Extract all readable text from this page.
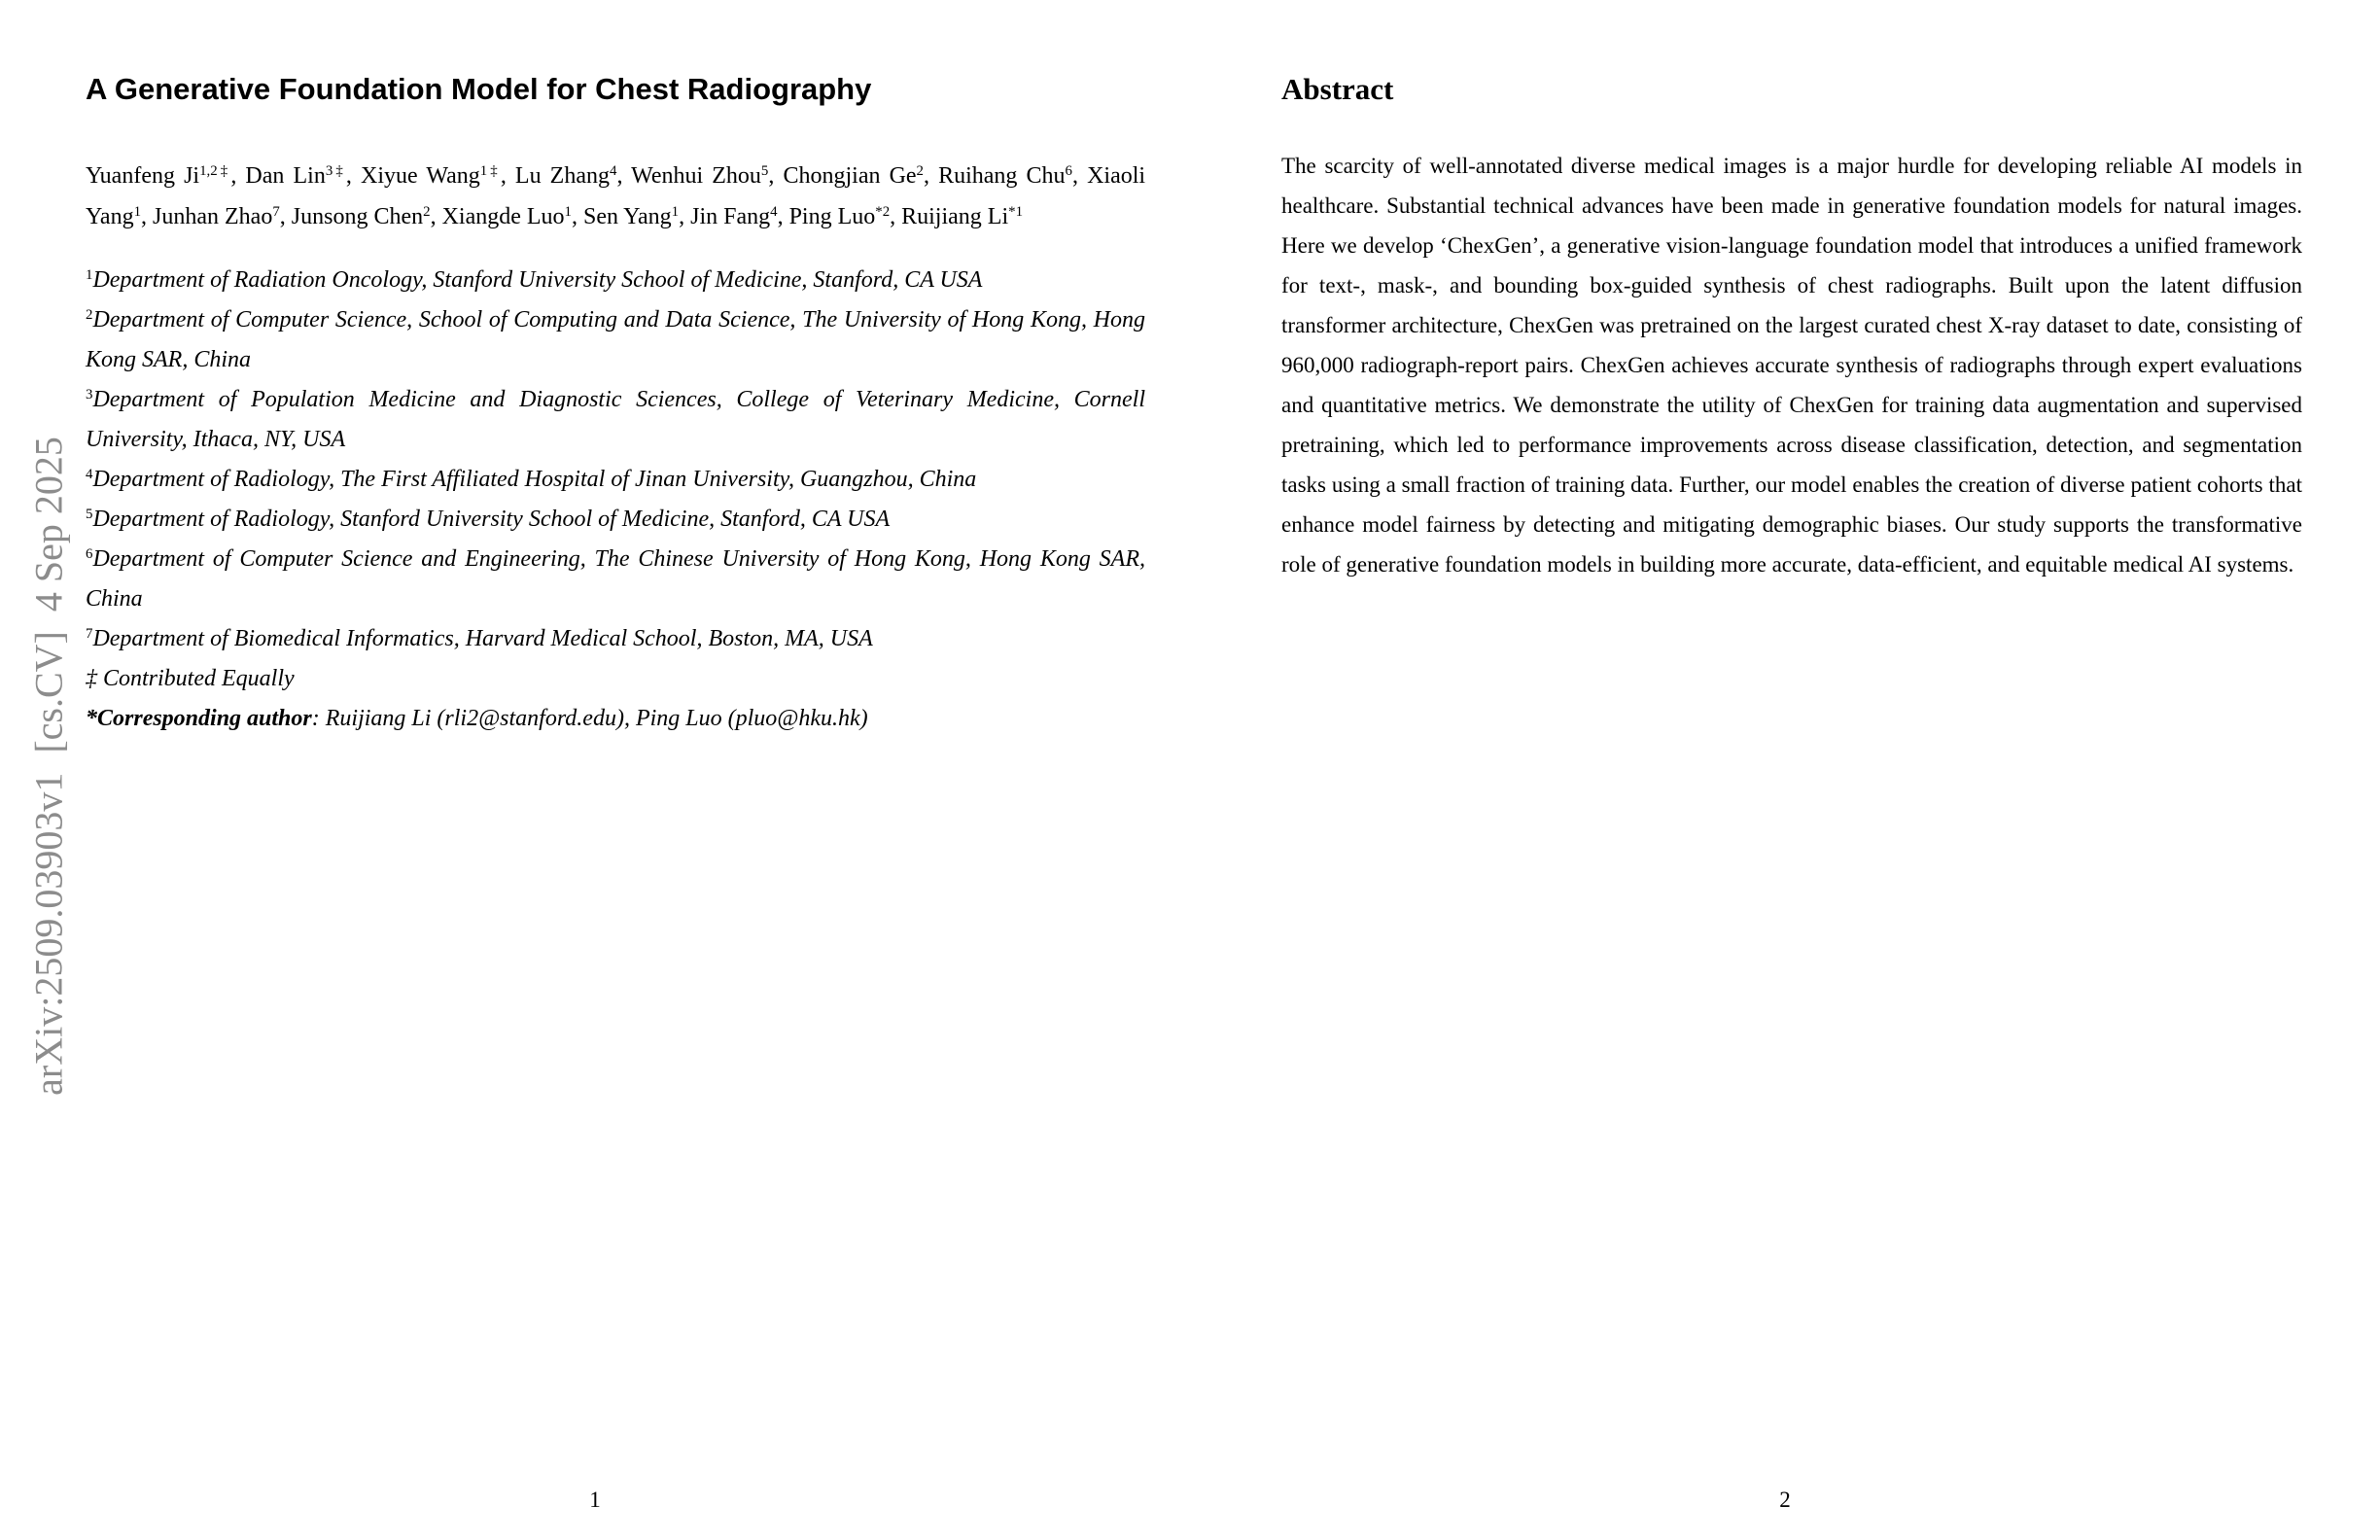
arXiv:2509.03903v1  [cs.CV]  4 Sep 2025
A Generative Foundation Model for Chest Radiography

Yuanfeng $Ji^{1,2\ddagger}$, Dan Lin$^{3\ddagger}$, Xiyue Wang$^{1\ddagger}$, Lu Zhang$^4$, Wenhui Zhou$^5$, Chongjian Ge$^2$, Ruihang Chu$^6$, Xiaoli Yang$^1$, Junhan Zhao$^7$, Junsong Chen$^2$, Xiangde Luo$^1$, Sen Yang$^1$, Jin Fang$^4$, Ping Luo$^{*2}$, Ruijiang Li$^{*1}$

$^1$Department of Radiation Oncology, Stanford University School of Medicine, Stanford, CA USA
$^2$Department of Computer Science, School of Computing and Data Science, The University of Hong Kong, Hong Kong SAR, China
$^3$Department of Population Medicine and Diagnostic Sciences, College of Veterinary Medicine, Cornell University, Ithaca, NY, USA
$^4$Department of Radiology, The First Affiliated Hospital of Jinan University, Guangzhou, China
$^5$Department of Radiology, Stanford University School of Medicine, Stanford, CA USA
$^6$Department of Computer Science and Engineering, The Chinese University of Hong Kong, Hong Kong SAR, China
$^7$Department of Biomedical Informatics, Harvard Medical School, Boston, MA, USA
‡ Contributed Equally
*Corresponding author: Ruijiang Li (rli2@stanford.edu), Ping Luo (pluo@hku.hk)
1
Abstract

The scarcity of well-annotated diverse medical images is a major hurdle for developing reliable AI models in healthcare. Substantial technical advances have been made in generative foundation models for natural images. Here we develop ‘ChexGen’, a generative vision-language foundation model that introduces a unified framework for text-, mask-, and bounding box-guided synthesis of chest radiographs. Built upon the latent diffusion transformer architecture, ChexGen was pretrained on the largest curated chest X-ray dataset to date, consisting of 960,000 radiograph-report pairs. ChexGen achieves accurate synthesis of radiographs through expert evaluations and quantitative metrics. We demonstrate the utility of ChexGen for training data augmentation and supervised pretraining, which led to performance improvements across disease classification, detection, and segmentation tasks using a small fraction of training data. Further, our model enables the creation of diverse patient cohorts that enhance model fairness by detecting and mitigating demographic biases. Our study supports the transformative role of generative foundation models in building more accurate, data-efficient, and equitable medical AI systems.

2
